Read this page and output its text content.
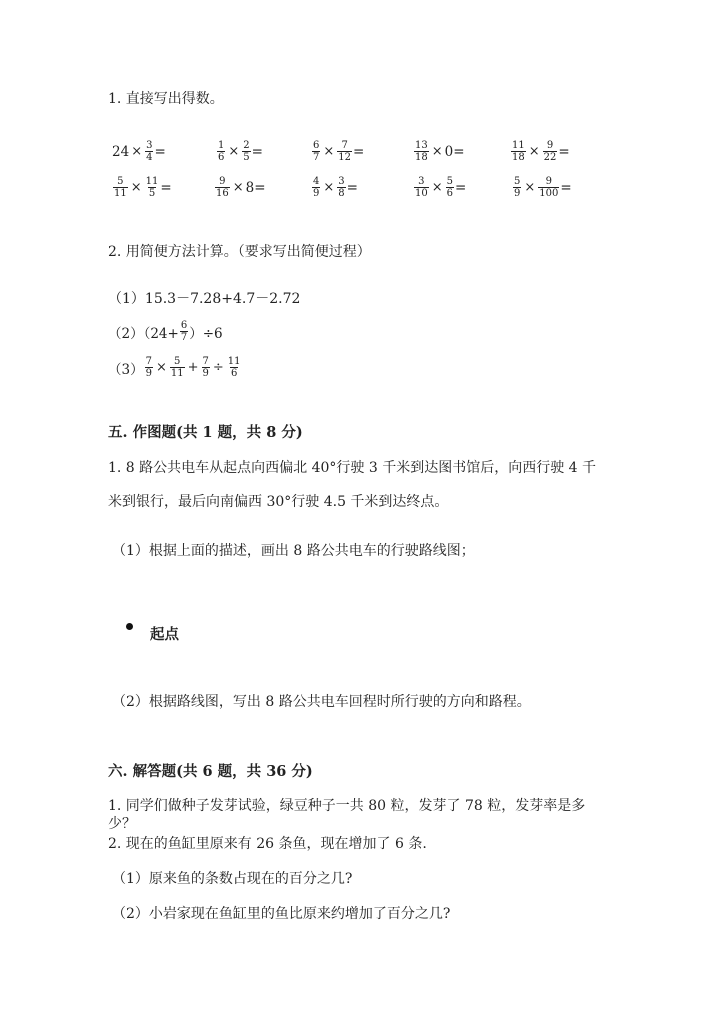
1. 直接写出得数。
$24 \times \frac{3}{4}$ =	$\frac{1}{6} \times \frac{2}{5}$ =	$\frac{6}{7} \times \frac{7}{12}$ =	$\frac{13}{18} \times 0$ =	$\frac{11}{18} \times \frac{9}{22}$ =
$\frac{5}{11} \times \frac{11}{5}$ =	$\frac{9}{16} \times 8$ =	$\frac{4}{9} \times \frac{3}{8}$ =	$\frac{3}{10} \times \frac{5}{6}$ =	$\frac{5}{9} \times \frac{9}{100}$ =
2. 用简便方法计算。（要求写出简便过程）
（1）15.3－7.28+4.7－2.72
$(2)(24+ \frac{6}{7} )\div 6$
$(3) \frac{7}{9} \times \frac{5}{11} + \frac{7}{9} \div \frac{11}{6}$
五. 作图题(共 1 题，共 8 分)
1. 8 路公共电车从起点向西偏北 40°行驶 3 千米到达图书馆后，向西行驶 4 千
米到银行，最后向南偏西 30°行驶 4.5 千米到达终点。
（1）根据上面的描述，画出 8 路公共电车的行驶路线图；
起点
（2）根据路线图，写出 8 路公共电车回程时所行驶的方向和路程。
六. 解答题(共 6 题，共 36 分)
1. 同学们做种子发芽试验，绿豆种子一共 80 粒，发芽了 78 粒，发芽率是多
少？
2. 现在的鱼缸里原来有 26 条鱼，现在增加了 6 条.
（1）原来鱼的条数占现在的百分之几?
（2）小岩家现在鱼缸里的鱼比原来约增加了百分之几?
